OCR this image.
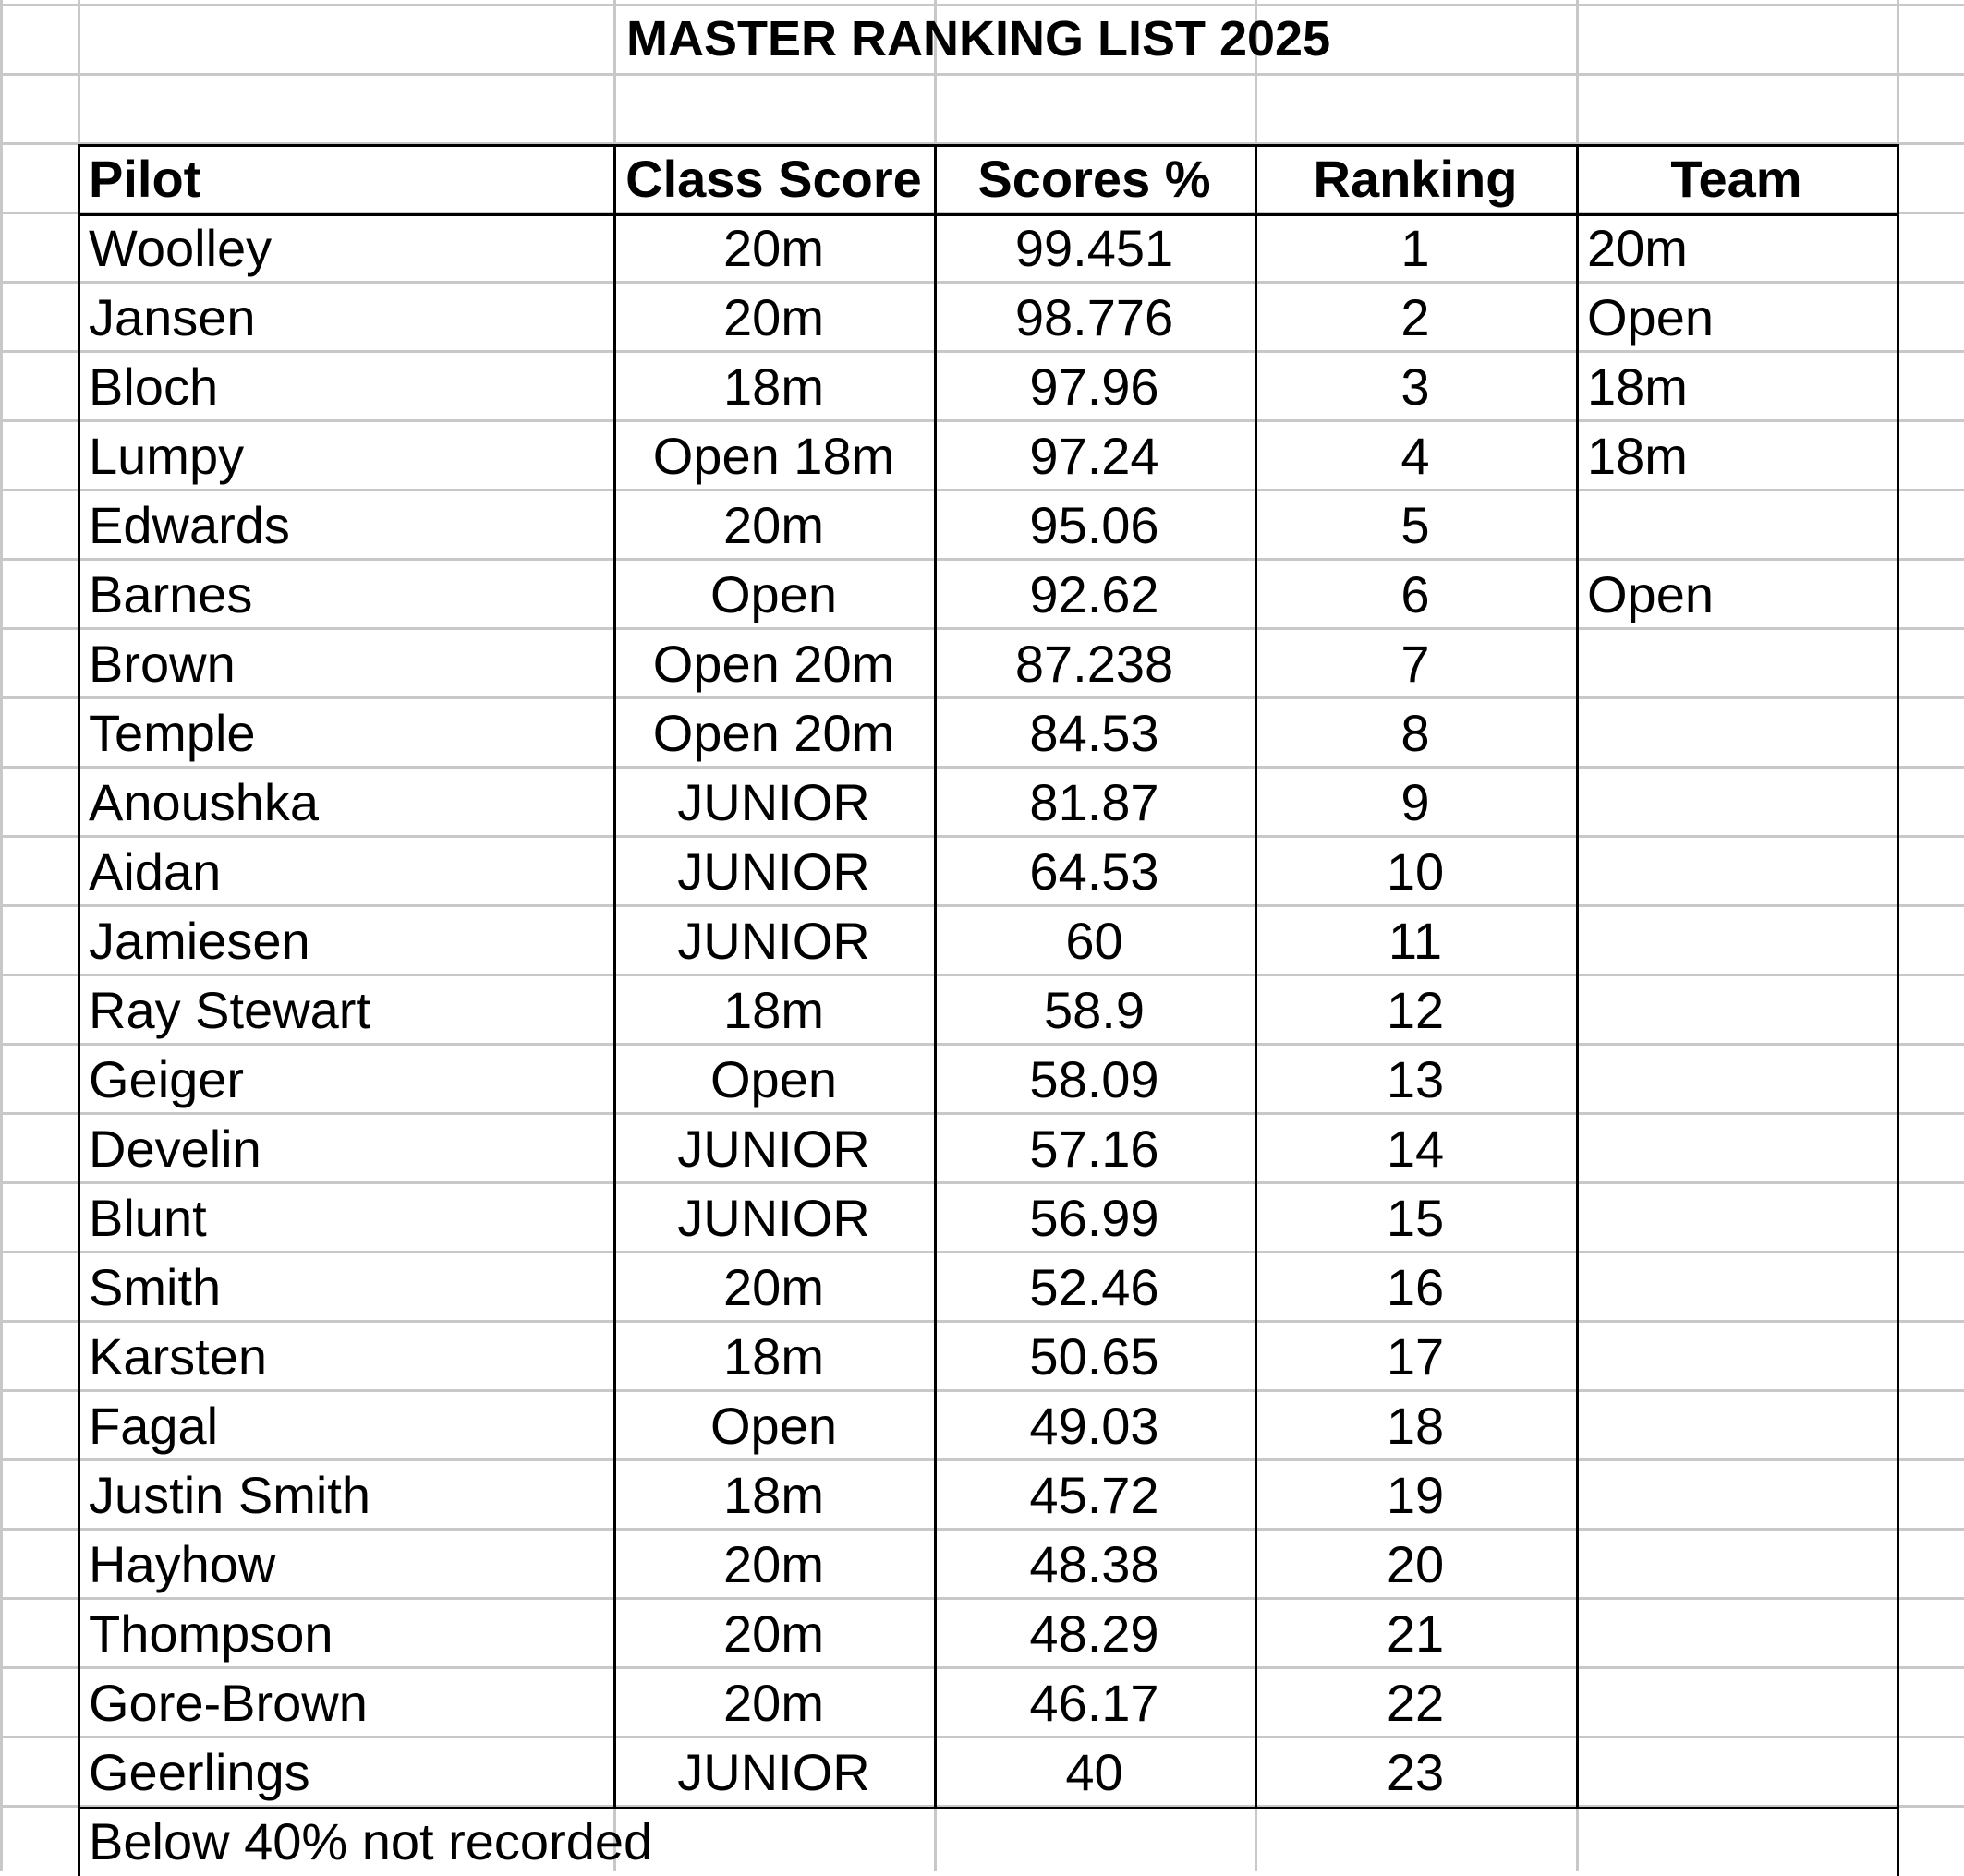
MASTER RANKING LIST 2025
Pilot	Class Score	Scores %	Ranking	Team
Woolley	20m	99.451	1	20m
Jansen	20m	98.776	2	Open
Bloch	18m	97.96	3	18m
Lumpy	Open 18m	97.24	4	18m
Edwards	20m	95.06	5
Barnes	Open	92.62	6	Open
Brown	Open 20m	87.238	7
Temple	Open 20m	84.53	8
Anoushka	JUNIOR	81.87	9
Aidan	JUNIOR	64.53	10
Jamiesen	JUNIOR	60	11
Ray Stewart	18m	58.9	12
Geiger	Open	58.09	13
Develin	JUNIOR	57.16	14
Blunt	JUNIOR	56.99	15
Smith	20m	52.46	16
Karsten	18m	50.65	17
Fagal	Open	49.03	18
Justin Smith	18m	45.72	19
Hayhow	20m	48.38	20
Thompson	20m	48.29	21
Gore-Brown	20m	46.17	22
Geerlings	JUNIOR	40	23
Below 40% not recorded
